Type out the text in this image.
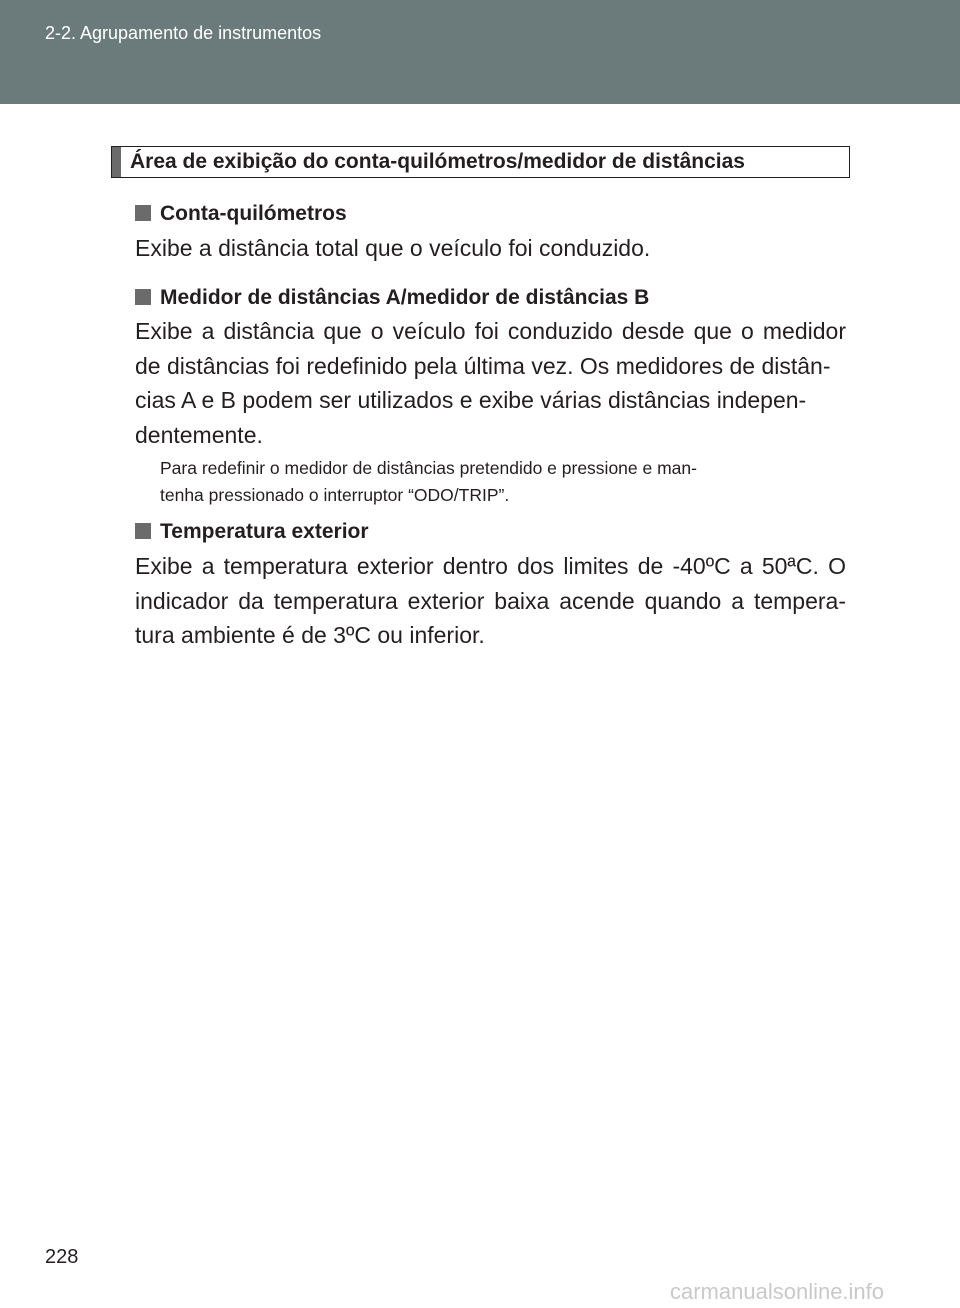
2-2. Agrupamento de instrumentos
Área de exibição do conta-quilómetros/medidor de distâncias
Conta-quilómetros
Exibe a distância total que o veículo foi conduzido.
Medidor de distâncias A/medidor de distâncias B
Exibe a distância que o veículo foi conduzido desde que o medidor
de distâncias foi redefinido pela última vez. Os medidores de distân-
cias A e B podem ser utilizados e exibe várias distâncias indepen-
dentemente.
Para redefinir o medidor de distâncias pretendido e pressione e man-
tenha pressionado o interruptor “ODO/TRIP”.
Temperatura exterior
Exibe a temperatura exterior dentro dos limites de -40ºC a 50ªC. O
indicador da temperatura exterior baixa acende quando a tempera-
tura ambiente é de 3ºC ou inferior.
228
carmanualsonline.info
